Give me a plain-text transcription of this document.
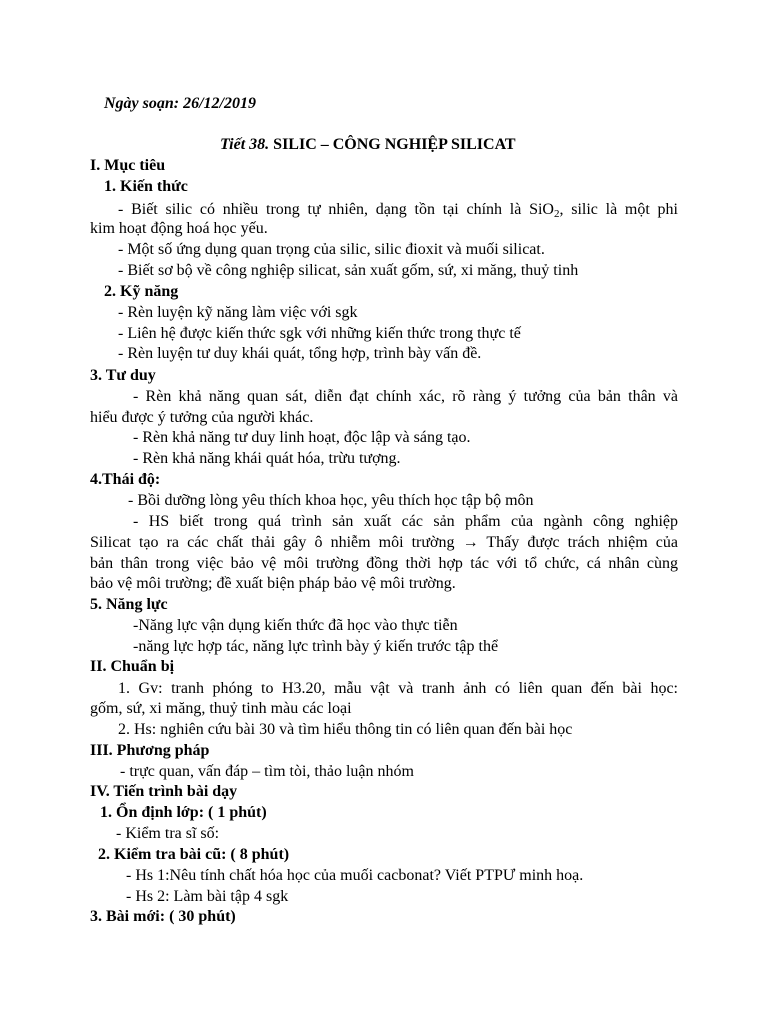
Ngày soạn: 26/12/2019
Tiết 38. SILIC – CÔNG NGHIỆP SILICAT
I. Mục tiêu
1. Kiến thức
- Biết silic có nhiều trong tự nhiên, dạng tồn tại chính là SiO$_2$, silic là một phi
kim hoạt động hoá học yếu.
- Một số ứng dụng quan trọng của silic, silic đioxit và muối silicat.
- Biết sơ bộ về công nghiệp silicat, sản xuất gốm, sứ, xi măng, thuỷ tinh
2. Kỹ năng
- Rèn luyện kỹ năng làm việc với sgk
- Liên hệ được kiến thức sgk với những kiến thức trong thực tế
- Rèn luyện tư duy khái quát, tổng hợp, trình bày vấn đề.
3. Tư duy
- Rèn khả năng quan sát, diễn đạt chính xác, rõ ràng ý tưởng của bản thân và
hiểu được ý tưởng của người khác.
- Rèn khả năng tư duy linh hoạt, độc lập và sáng tạo.
- Rèn khả năng khái quát hóa, trừu tượng.
4.Thái độ:
- Bồi dưỡng lòng yêu thích khoa học, yêu thích học tập bộ môn
- HS biết trong quá trình sản xuất các sản phẩm của ngành công nghiệp
Silicat tạo ra các chất thải gây ô nhiễm môi trường → Thấy được trách nhiệm của
bản thân trong việc bảo vệ môi trường đồng thời hợp tác với tổ chức, cá nhân cùng
bảo vệ môi trường; đề xuất biện pháp bảo vệ môi trường.
5. Năng lực
-Năng lực vận dụng kiến thức đã học vào thực tiễn
-năng lực hợp tác, năng lực trình bày ý kiến trước tập thể
II. Chuẩn bị
1. Gv: tranh phóng to H3.20, mẫu vật và tranh ảnh có liên quan đến bài học:
gốm, sứ, xi măng, thuỷ tinh màu các loại
2. Hs: nghiên cứu bài 30 và tìm hiểu thông tin có liên quan đến bài học
III. Phương pháp
- trực quan, vấn đáp – tìm tòi, thảo luận nhóm
IV. Tiến trình bài dạy
1. Ổn định lớp: ( 1 phút)
- Kiểm tra sĩ số:
2. Kiểm tra bài cũ: ( 8 phút)
- Hs 1:Nêu tính chất hóa học của muối cacbonat? Viết PTPƯ minh hoạ.
- Hs 2: Làm bài tập 4 sgk
3. Bài mới: ( 30 phút)
